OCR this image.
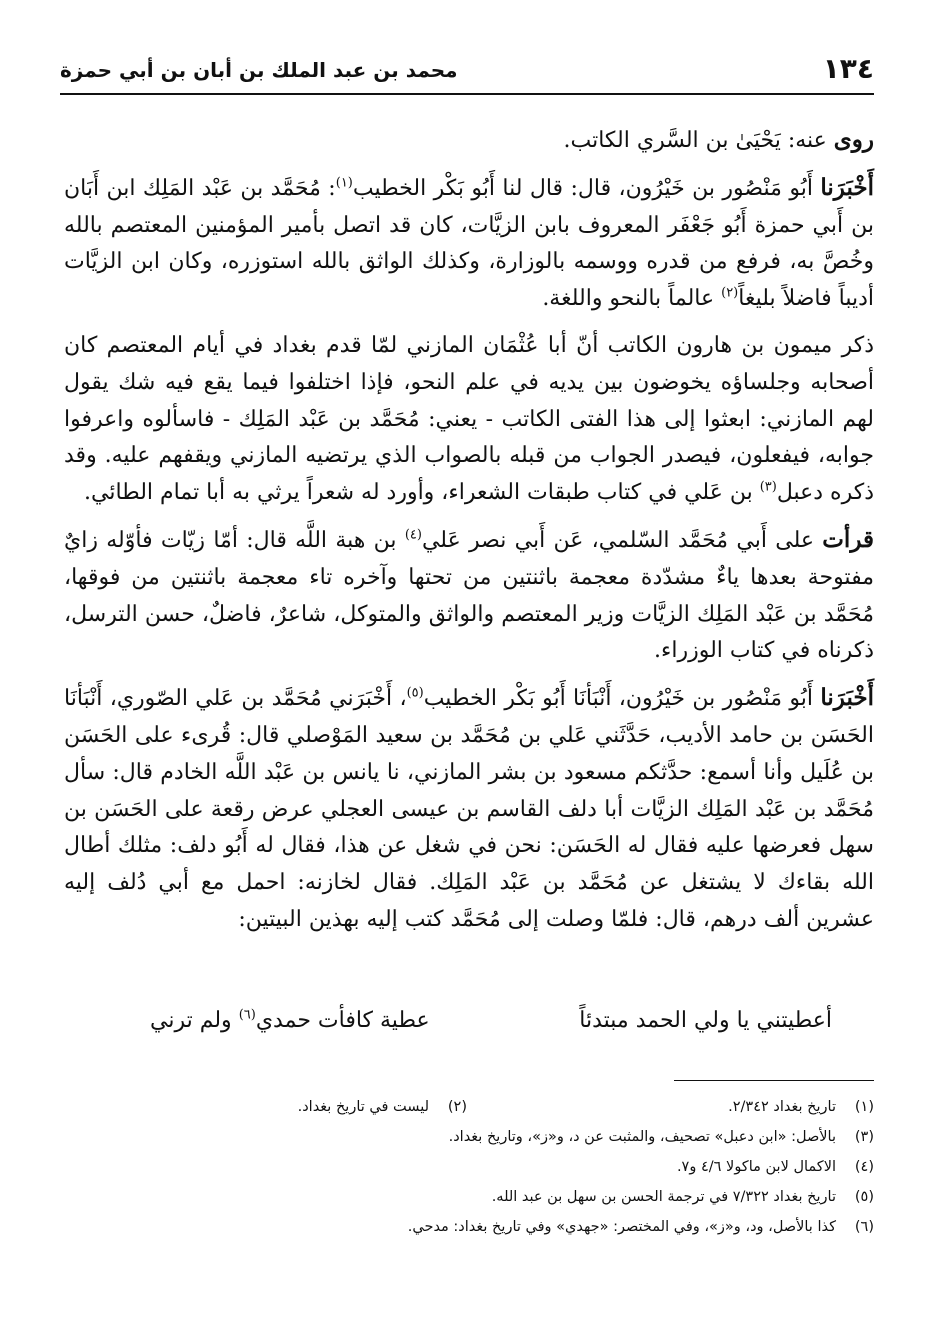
١٣٤
محمد بن عبد الملك بن أبان بن أبي حمزة

روى عنه: يَحْيَىٰ بن السَّري الكاتب.

أَخْبَرَنا أَبُو مَنْصُور بن خَيْرُون، قال: قال لنا أَبُو بَكْر الخطيب$^{(١)}$: مُحَمَّد بن عَبْد المَلِك ابن أَبَان بن أَبي حمزة أَبُو جَعْفَر المعروف بابن الزيَّات، كان قد اتصل بأمير المؤمنين المعتصم بالله وخُصَّ به، فرفع من قدره ووسمه بالوزارة، وكذلك الواثق بالله استوزره، وكان ابن الزيَّات أديباً فاضلاً بليغاً$^{(٢)}$ عالماً بالنحو واللغة.

ذكر ميمون بن هارون الكاتب أنّ أبا عُثْمَان المازني لمّا قدم بغداد في أيام المعتصم كان أصحابه وجلساؤه يخوضون بين يديه في علم النحو، فإذا اختلفوا فيما يقع فيه شك يقول لهم المازني: ابعثوا إلى هذا الفتى الكاتب - يعني: مُحَمَّد بن عَبْد المَلِك - فاسألوه واعرفوا جوابه، فيفعلون، فيصدر الجواب من قبله بالصواب الذي يرتضيه المازني ويقفهم عليه. وقد ذكره دعبل$^{(٣)}$ بن عَلي في كتاب طبقات الشعراء، وأورد له شعراً يرثي به أبا تمام الطائي.

قرأت على أَبي مُحَمَّد السّلمي، عَن أَبي نصر عَلي$^{(٤)}$ بن هبة اللَّه قال: أمّا زيّات فأوّله زايٌ مفتوحة بعدها ياءٌ مشدّدة معجمة باثنتين من تحتها وآخره تاء معجمة باثنتين من فوقها، مُحَمَّد بن عَبْد المَلِك الزيَّات وزير المعتصم والواثق والمتوكل، شاعرٌ، فاضلٌ، حسن الترسل، ذكرناه في كتاب الوزراء.

أَخْبَرَنا أَبُو مَنْصُور بن خَيْرُون، أَنْبَأنَا أَبُو بَكْر الخطيب$^{(٥)}$، أَخْبَرَني مُحَمَّد بن عَلي الصّوري، أَنْبَأنَا الحَسَن بن حامد الأديب، حَدَّثَني عَلي بن مُحَمَّد بن سعيد المَوْصلي قال: قُرىء على الحَسَن بن عُلَيل وأنا أسمع: حدَّثكم مسعود بن بشر المازني، نا يانس بن عَبْد اللَّه الخادم قال: سأل مُحَمَّد بن عَبْد المَلِك الزيَّات أبا دلف القاسم بن عيسى العجلي عرض رقعة على الحَسَن بن سهل فعرضها عليه فقال له الحَسَن: نحن في شغل عن هذا، فقال له أَبُو دلف: مثلك أطال الله بقاءك لا يشتغل عن مُحَمَّد بن عَبْد المَلِك. فقال لخازنه: احمل مع أبي دُلف إليه عشرين ألف درهم، قال: فلمّا وصلت إلى مُحَمَّد كتب إليه بهذين البيتين:

أعطيتني يا ولي الحمد مبتدئاً
عطية كافأت حمدي$^{(٦)}$ ولم ترني
(١)
تاريخ بغداد ٢/٣٤٢.
(٢)
ليست في تاريخ بغداد.
(٣)
بالأصل: «ابن دعبل» تصحيف، والمثبت عن د، و«ز»، وتاريخ بغداد.
(٤)
الاكمال لابن ماكولا ٤/٦ و٧.
(٥)
تاريخ بغداد ٧/٣٢٢ في ترجمة الحسن بن سهل بن عبد الله.
(٦)
كذا بالأصل، ود، و«ز»، وفي المختصر: «جهدي» وفي تاريخ بغداد: مدحي.
